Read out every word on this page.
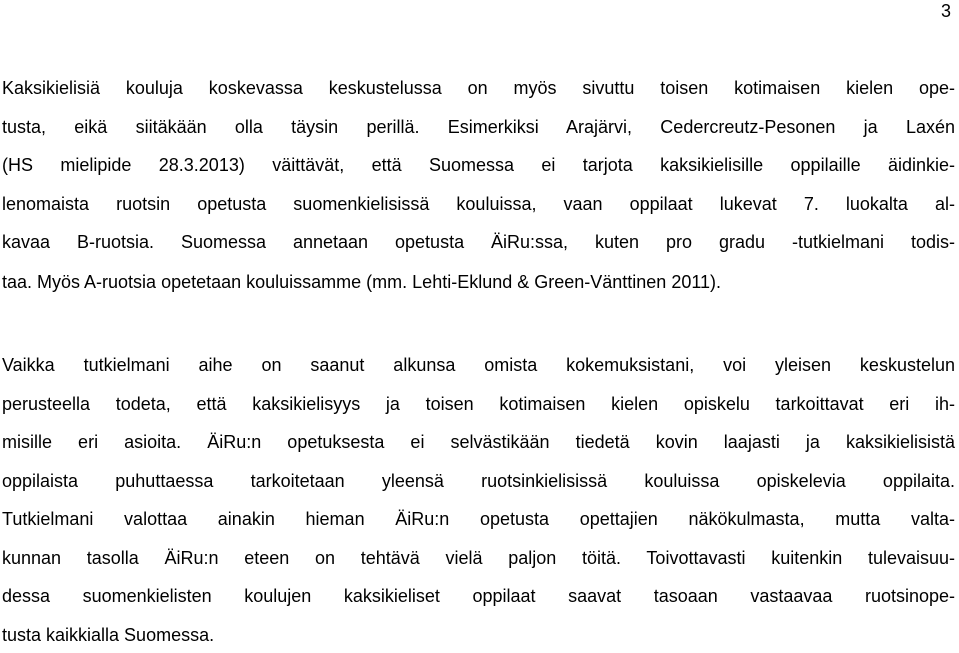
3
Kaksikielisiä kouluja koskevassa keskustelussa on myös sivuttu toisen kotimaisen kielen ope-
tusta, eikä siitäkään olla täysin perillä. Esimerkiksi Arajärvi, Cedercreutz-Pesonen ja Laxén
(HS mielipide 28.3.2013) väittävät, että Suomessa ei tarjota kaksikielisille oppilaille äidinkie-
lenomaista ruotsin opetusta suomenkielisissä kouluissa, vaan oppilaat lukevat 7. luokalta al-
kavaa B-ruotsia. Suomessa annetaan opetusta ÄiRu:ssa, kuten pro gradu -tutkielmani todis-
taa. Myös A-ruotsia opetetaan kouluissamme (mm. Lehti-Eklund & Green-Vänttinen 2011).
Vaikka tutkielmani aihe on saanut alkunsa omista kokemuksistani, voi yleisen keskustelun
perusteella todeta, että kaksikielisyys ja toisen kotimaisen kielen opiskelu tarkoittavat eri ih-
misille eri asioita. ÄiRu:n opetuksesta ei selvästikään tiedetä kovin laajasti ja kaksikielisistä
oppilaista puhuttaessa tarkoitetaan yleensä ruotsinkielisissä kouluissa opiskelevia oppilaita.
Tutkielmani valottaa ainakin hieman ÄiRu:n opetusta opettajien näkökulmasta, mutta valta-
kunnan tasolla ÄiRu:n eteen on tehtävä vielä paljon töitä. Toivottavasti kuitenkin tulevaisuu-
dessa suomenkielisten koulujen kaksikieliset oppilaat saavat tasoaan vastaavaa ruotsinope-
tusta kaikkialla Suomessa.
